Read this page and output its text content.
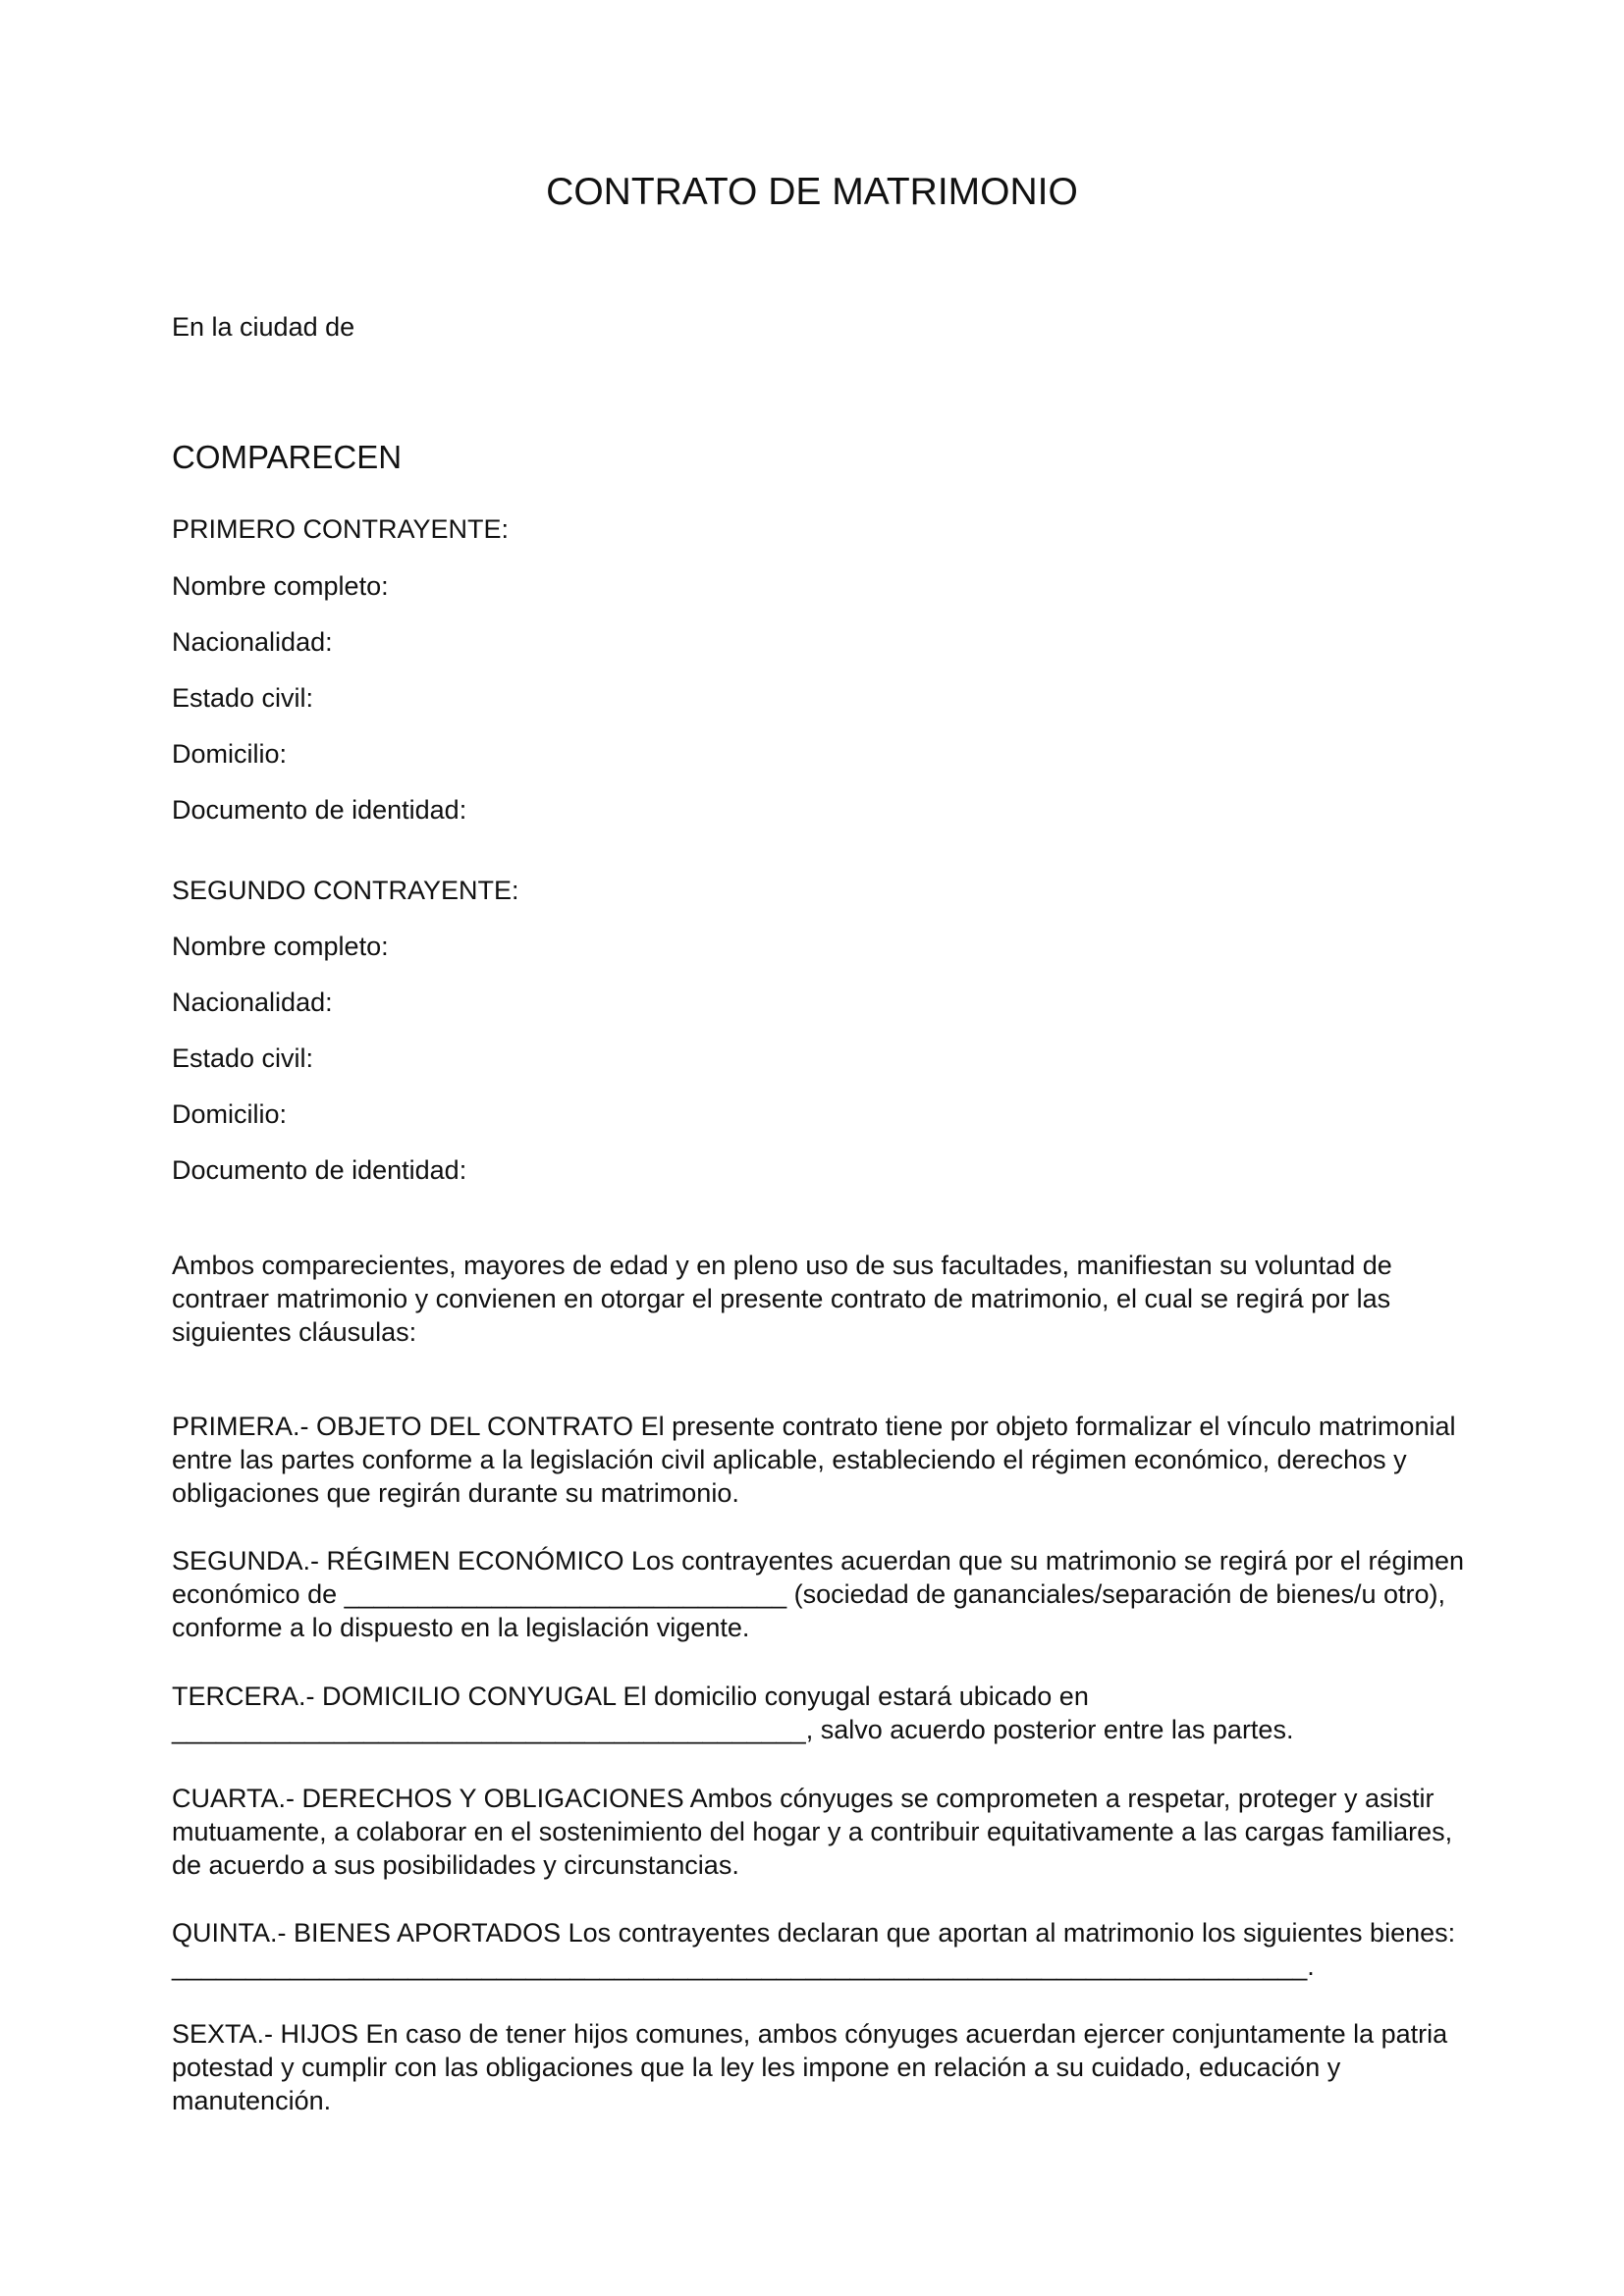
CONTRATO DE MATRIMONIO
En la ciudad de
COMPARECEN
PRIMERO CONTRAYENTE:
Nombre completo:
Nacionalidad:
Estado civil:
Domicilio:
Documento de identidad:
SEGUNDO CONTRAYENTE:
Nombre completo:
Nacionalidad:
Estado civil:
Domicilio:
Documento de identidad:

Ambos comparecientes, mayores de edad y en pleno uso de sus facultades, manifiestan su voluntad de contraer matrimonio y convienen en otorgar el presente contrato de matrimonio, el cual se regirá por las siguientes cláusulas:

PRIMERA.- OBJETO DEL CONTRATO El presente contrato tiene por objeto formalizar el vínculo matrimonial entre las partes conforme a la legislación civil aplicable, estableciendo el régimen económico, derechos y obligaciones que regirán durante su matrimonio.

SEGUNDA.- RÉGIMEN ECONÓMICO Los contrayentes acuerdan que su matrimonio se regirá por el régimen económico de ______________________________ (sociedad de gananciales/separación de bienes/u otro), conforme a lo dispuesto en la legislación vigente.

TERCERA.- DOMICILIO CONYUGAL El domicilio conyugal estará ubicado en ___________________________________________, salvo acuerdo posterior entre las partes.

CUARTA.- DERECHOS Y OBLIGACIONES Ambos cónyuges se comprometen a respetar, proteger y asistir mutuamente, a colaborar en el sostenimiento del hogar y a contribuir equitativamente a las cargas familiares, de acuerdo a sus posibilidades y circunstancias.

QUINTA.- BIENES APORTADOS Los contrayentes declaran que aportan al matrimonio los siguientes bienes: _____________________________________________________________________________.

SEXTA.- HIJOS En caso de tener hijos comunes, ambos cónyuges acuerdan ejercer conjuntamente la patria potestad y cumplir con las obligaciones que la ley les impone en relación a su cuidado, educación y manutención.
